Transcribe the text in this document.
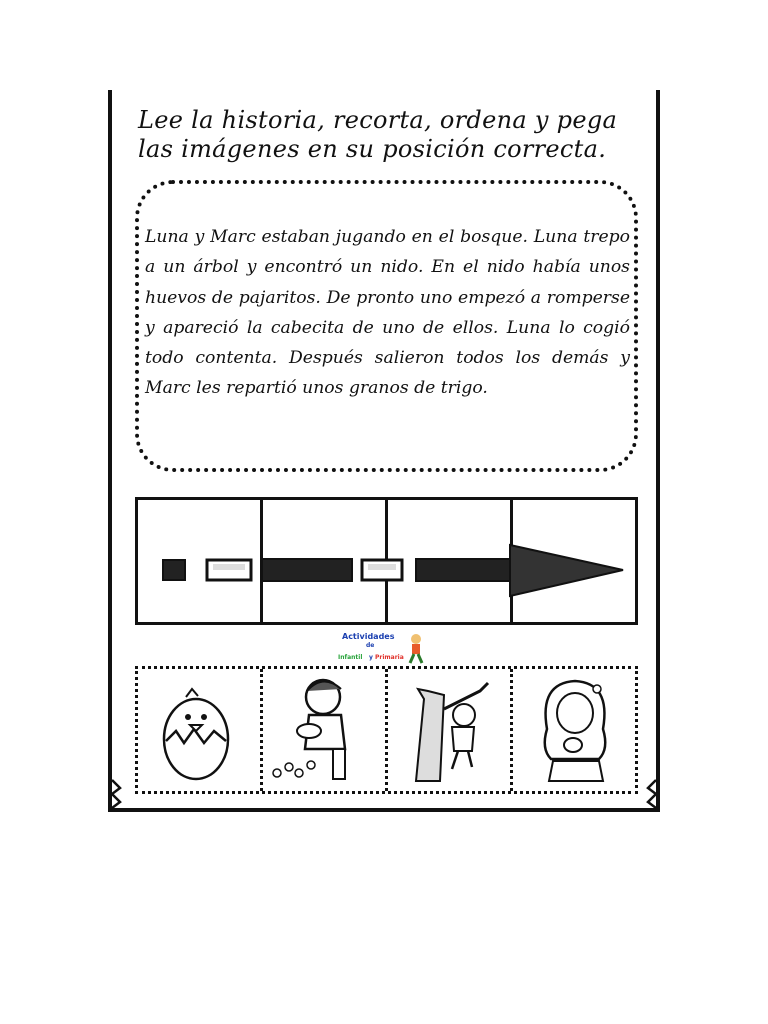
Lee la historia, recorta, ordena y pega las imágenes en su posición correcta.
Luna y Marc estaban jugando en el bosque. Luna trepo a un árbol y encontró un nido. En el nido había unos huevos de pajaritos. De pronto uno empezó a romperse y apareció la cabecita de uno de ellos. Luna lo cogió todo contenta. Después salieron todos los demás y Marc les repartió unos granos de trigo.
Actividades
de
Infantil y Primaria
